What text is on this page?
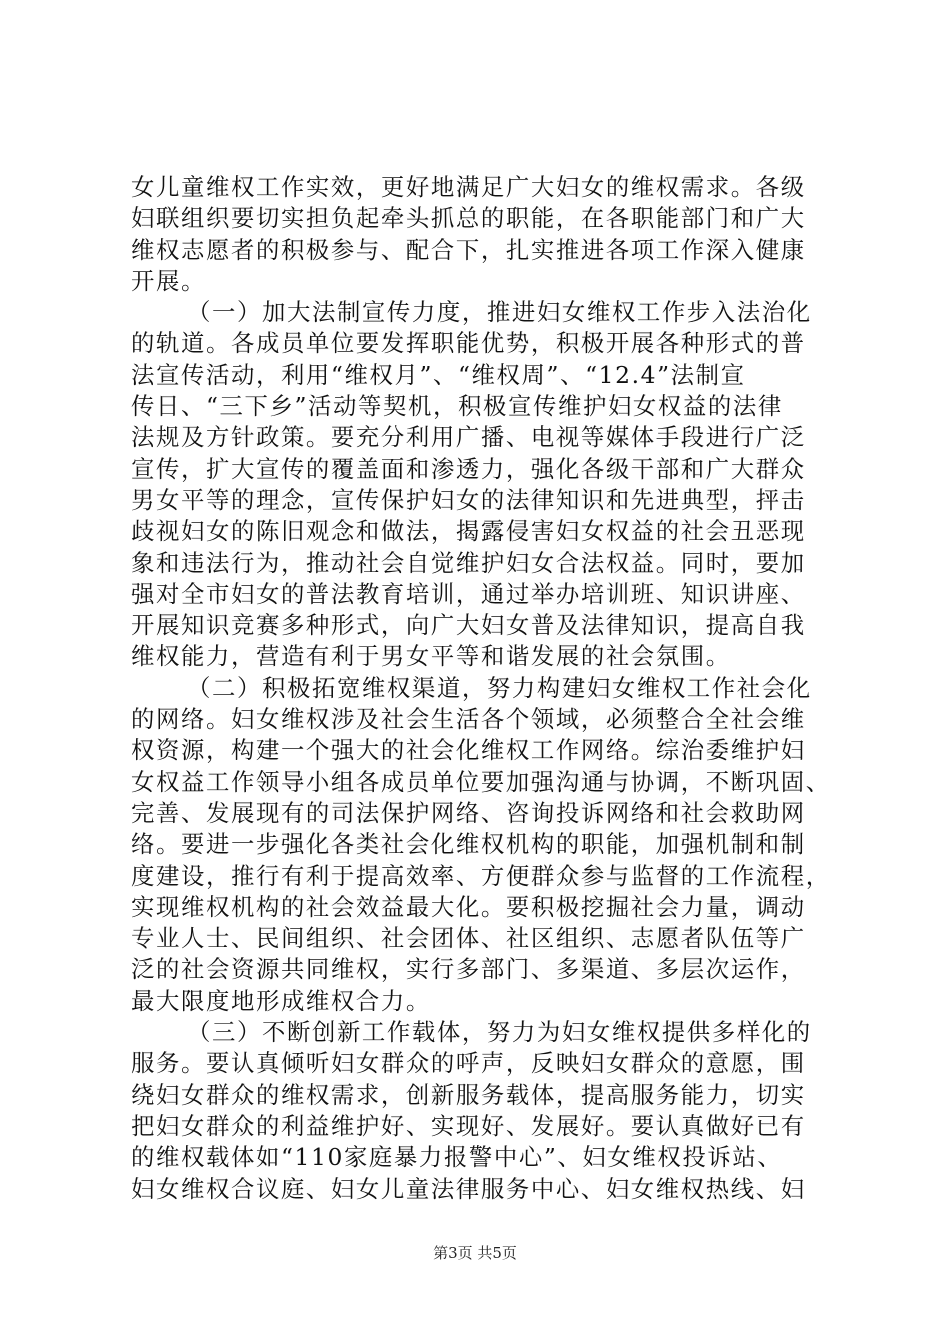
女儿童维权工作实效，更好地满足广大妇女的维权需求。各级
妇联组织要切实担负起牵头抓总的职能，在各职能部门和广大
维权志愿者的积极参与、配合下，扎实推进各项工作深入健康
开展。
（一）加大法制宣传力度，推进妇女维权工作步入法治化
的轨道。各成员单位要发挥职能优势，积极开展各种形式的普
法宣传活动，利用“维权月”、“维权周”、“12.4”法制宣
传日、“三下乡”活动等契机，积极宣传维护妇女权益的法律
法规及方针政策。要充分利用广播、电视等媒体手段进行广泛
宣传，扩大宣传的覆盖面和渗透力，强化各级干部和广大群众
男女平等的理念，宣传保护妇女的法律知识和先进典型，抨击
歧视妇女的陈旧观念和做法，揭露侵害妇女权益的社会丑恶现
象和违法行为，推动社会自觉维护妇女合法权益。同时，要加
强对全市妇女的普法教育培训，通过举办培训班、知识讲座、
开展知识竞赛多种形式，向广大妇女普及法律知识，提高自我
维权能力，营造有利于男女平等和谐发展的社会氛围。
（二）积极拓宽维权渠道，努力构建妇女维权工作社会化
的网络。妇女维权涉及社会生活各个领域，必须整合全社会维
权资源，构建一个强大的社会化维权工作网络。综治委维护妇
女权益工作领导小组各成员单位要加强沟通与协调，不断巩固、
完善、发展现有的司法保护网络、咨询投诉网络和社会救助网
络。要进一步强化各类社会化维权机构的职能，加强机制和制
度建设，推行有利于提高效率、方便群众参与监督的工作流程，
实现维权机构的社会效益最大化。要积极挖掘社会力量，调动
专业人士、民间组织、社会团体、社区组织、志愿者队伍等广
泛的社会资源共同维权，实行多部门、多渠道、多层次运作，
最大限度地形成维权合力。
（三）不断创新工作载体，努力为妇女维权提供多样化的
服务。要认真倾听妇女群众的呼声，反映妇女群众的意愿，围
绕妇女群众的维权需求，创新服务载体，提高服务能力，切实
把妇女群众的利益维护好、实现好、发展好。要认真做好已有
的维权载体如“110家庭暴力报警中心”、妇女维权投诉站、
妇女维权合议庭、妇女儿童法律服务中心、妇女维权热线、妇
第3页 共5页
